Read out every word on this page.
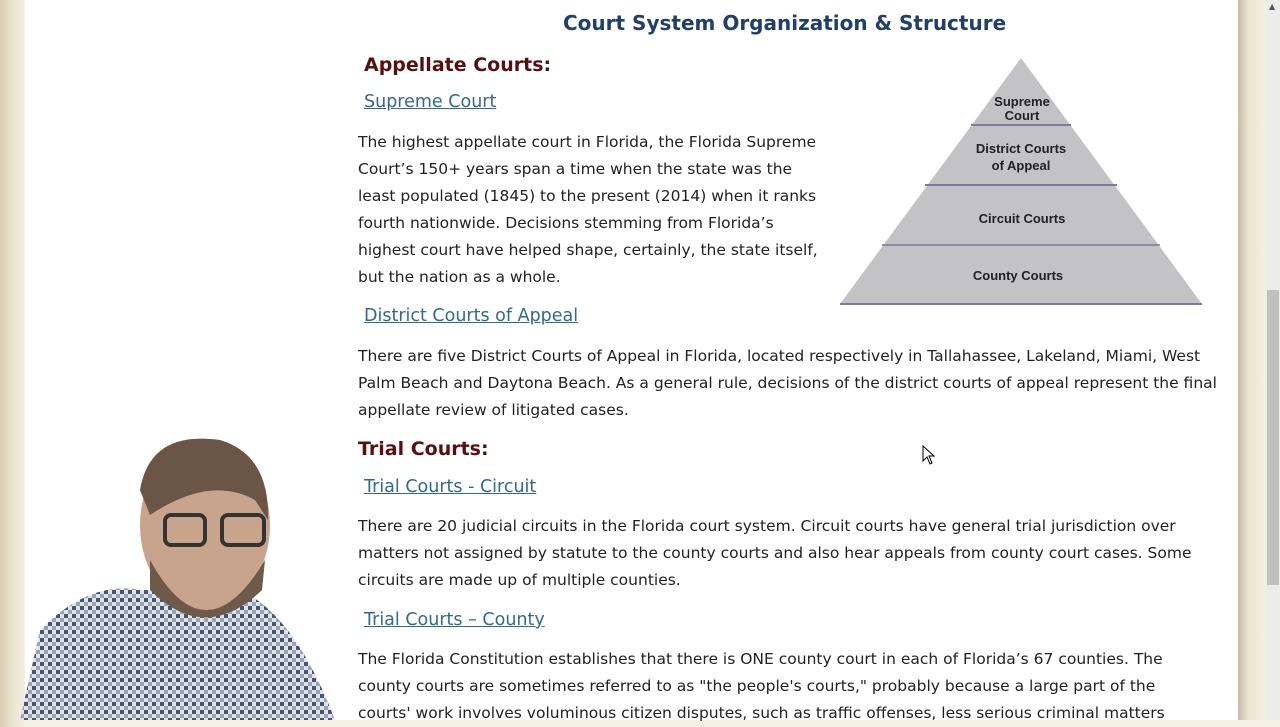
▲
Court System Organization & Structure
Appellate Courts:
Supreme Court

The highest appellate court in Florida, the Florida Supreme Court’s 150+ years span a time when the state was the least populated (1845) to the present (2014) when it ranks fourth nationwide. Decisions stemming from Florida’s highest court have helped shape, certainly, the state itself, but the nation as a whole.

District Courts of Appeal

There are five District Courts of Appeal in Florida, located respectively in Tallahassee, Lakeland, Miami, West Palm Beach and Daytona Beach. As a general rule, decisions of the district courts of appeal represent the final appellate review of litigated cases.

Trial Courts:
Trial Courts - Circuit

There are 20 judicial circuits in the Florida court system. Circuit courts have general trial jurisdiction over matters not assigned by statute to the county courts and also hear appeals from county court cases. Some circuits are made up of multiple counties.

Trial Courts – County

The Florida Constitution establishes that there is ONE county court in each of Florida’s 67 counties. The county courts are sometimes referred to as "the people's courts," probably because a large part of the courts' work involves voluminous citizen disputes, such as traffic offenses, less serious criminal matters

Supreme
Court
District Courts
of Appeal
Circuit Courts
County Courts
